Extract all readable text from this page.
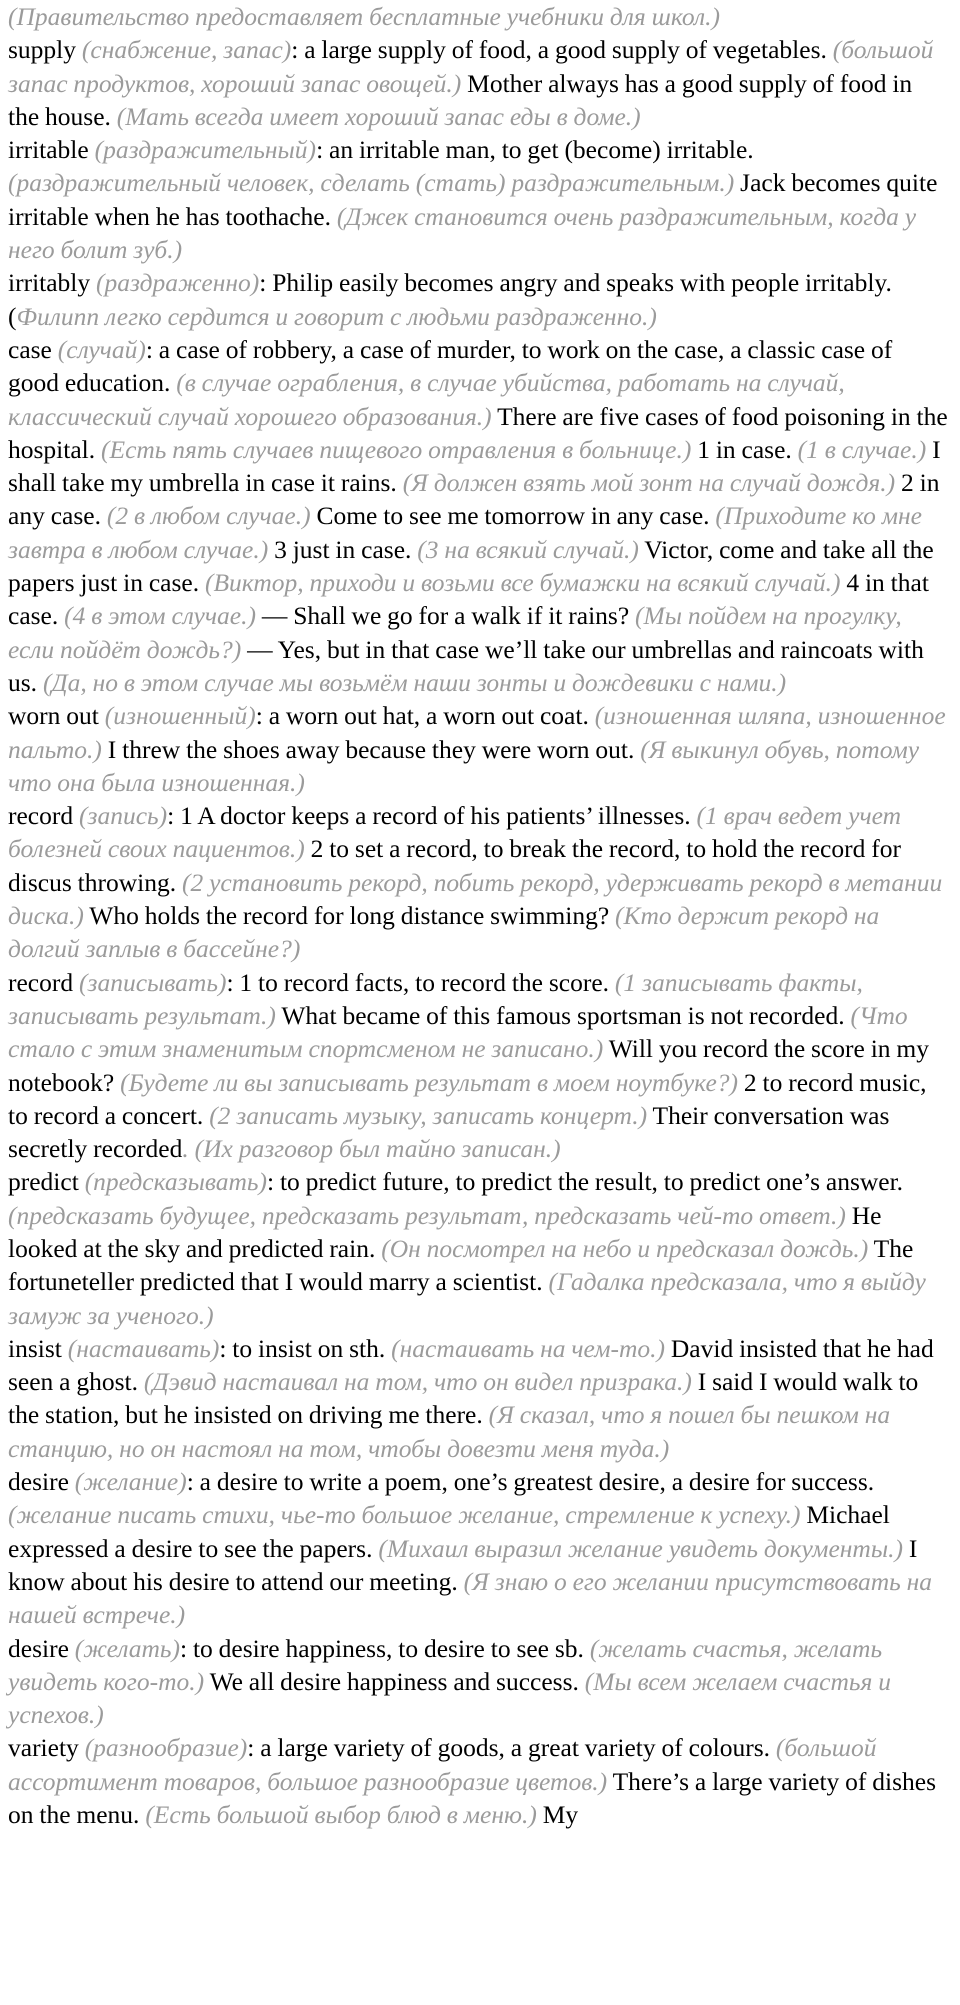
(Правительство предоставляет бесплатные учебники для школ.)

supply (снабжение, запас): a large supply of food, a good supply of vegetables. (большой запас продуктов, хороший запас овощей.) Mother always has a good supply of food in the house. (Мать всегда имеет хороший запас еды в доме.)

irritable (раздражительный): an irritable man, to get (become) irritable. (раздражительный человек, сделать (стать) раздражительным.) Jack becomes quite irritable when he has toothache. (Джек становится очень раздражительным, когда у него болит зуб.)

irritably (раздраженно): Philip easily becomes angry and speaks with people irritably. (Филипп легко сердится и говорит с людьми раздраженно.)

case (случай): a case of robbery, a case of murder, to work on the case, a classic case of good education. (в случае ограбления, в случае убийства, работать на случай, классический случай хорошего образования.) There are five cases of food poisoning in the hospital. (Есть пять случаев пищевого отравления в больнице.) 1 in case. (1 в случае.) I shall take my umbrella in case it rains. (Я должен взять мой зонт на случай дождя.) 2 in any case. (2 в любом случае.) Come to see me tomorrow in any case. (Приходите ко мне завтра в любом случае.) 3 just in case. (3 на всякий случай.) Victor, come and take all the papers just in case. (Виктор, приходи и возьми все бумажки на всякий случай.) 4 in that case. (4 в этом случае.) — Shall we go for a walk if it rains? (Мы пойдем на прогулку, если пойдёт дождь?) — Yes, but in that case we’ll take our umbrellas and raincoats with us. (Да, но в этом случае мы возьмём наши зонты и дождевики с нами.)

worn out (изношенный): a worn out hat, a worn out coat. (изношенная шляпа, изношенное пальто.) I threw the shoes away because they were worn out. (Я выкинул обувь, потому что она была изношенная.)

record (запись): 1 A doctor keeps a record of his patients’ illnesses. (1 врач ведет учет болезней своих пациентов.) 2 to set a record, to break the record, to hold the record for discus throwing. (2 установить рекорд, побить рекорд, удерживать рекорд в метании диска.) Who holds the record for long distance swimming? (Кто держит рекорд на долгий заплыв в бассейне?)

record (записывать): 1 to record facts, to record the score. (1 записывать факты, записывать результат.) What became of this famous sportsman is not recorded. (Что стало с этим знаменитым спортсменом не записано.) Will you record the score in my notebook? (Будете ли вы записывать результат в моем ноутбуке?) 2 to record music, to record a concert. (2 записать музыку, записать концерт.) Their conversation was secretly recorded. (Их разговор был тайно записан.)

predict (предсказывать): to predict future, to predict the result, to predict one’s answer. (предсказать будущее, предсказать результат, предсказать чей-то ответ.) He looked at the sky and predicted rain. (Он посмотрел на небо и предсказал дождь.) The fortuneteller predicted that I would marry a scientist. (Гадалка предсказала, что я выйду замуж за ученого.)

insist (настаивать): to insist on sth. (настаивать на чем-то.) David insisted that he had seen a ghost. (Дэвид настаивал на том, что он видел призрака.) I said I would walk to the station, but he insisted on driving me there. (Я сказал, что я пошел бы пешком на станцию, но он настоял на том, чтобы довезти меня туда.)

desire (желание): a desire to write a poem, one’s greatest desire, a desire for success. (желание писать стихи, чье-то большое желание, стремление к успеху.) Michael expressed a desire to see the papers. (Михаил выразил желание увидеть документы.) I know about his desire to attend our meeting. (Я знаю о его желании присутствовать на нашей встрече.)

desire (желать): to desire happiness, to desire to see sb. (желать счастья, желать увидеть кого-то.) We all desire happiness and success. (Мы всем желаем счастья и успехов.)

variety (разнообразие): a large variety of goods, a great variety of colours. (большой ассортимент товаров, большое разнообразие цветов.) There’s a large variety of dishes on the menu. (Есть большой выбор блюд в меню.) My
